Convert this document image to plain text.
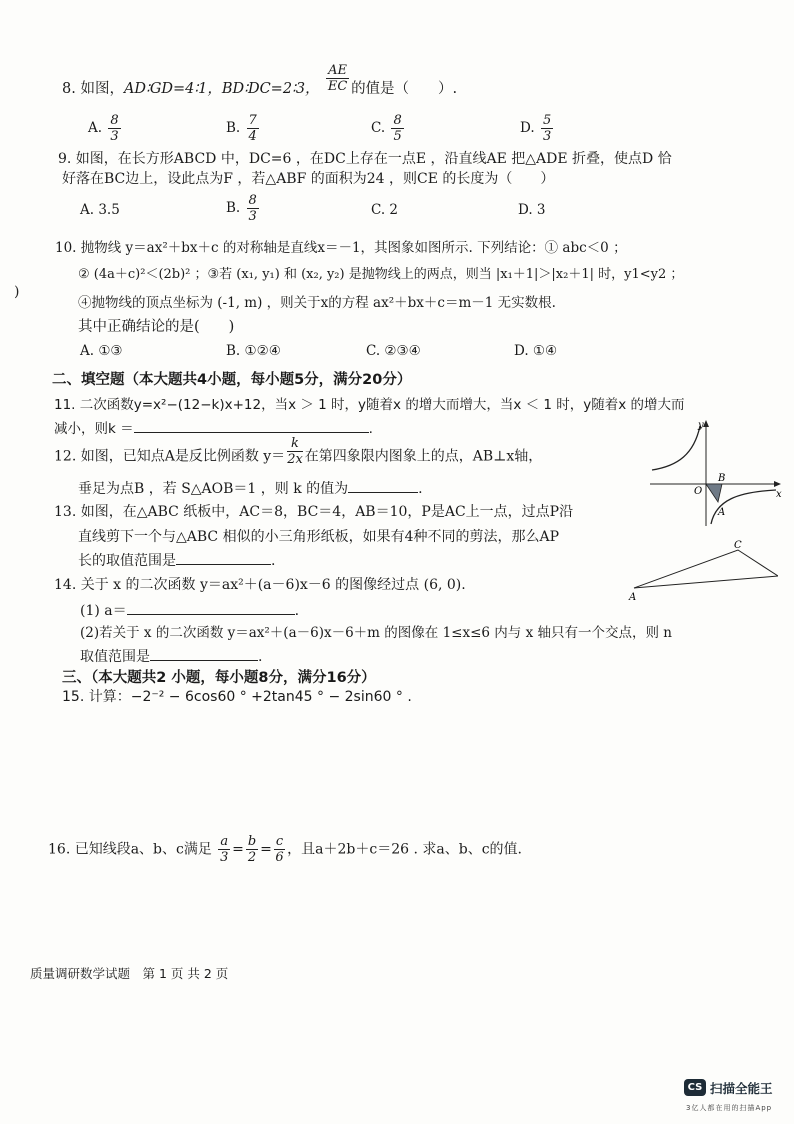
8. 如图，AD∶GD=4∶1，BD∶DC=2∶3， $\frac{AE}{EC}$ 的值是（　　）.
A. $\frac{8}{3}$	B. $\frac{7}{4}$	C. $\frac{8}{5}$	D. $\frac{5}{3}$
9. 如图，在长方形ABCD 中，DC=6 ，在DC上存在一点E ，沿直线AE 把△ADE 折叠，使点D 恰
好落在BC边上，设此点为F ，若△ABF 的面积为24 ，则CE 的长度为（　　）
A. 3.5	B. $\frac{8}{3}$	C. 2	D. 3
10. 抛物线 y＝ax²＋bx＋c 的对称轴是直线x＝－1，其图象如图所示. 下列结论：① abc＜0 ；
② (4a＋c)²＜(2b)² ；③若 (x₁, y₁) 和 (x₂, y₂) 是抛物线上的两点，则当 |x₁＋1|＞|x₂＋1| 时，y1<y2 ；
)
④抛物线的顶点坐标为 (-1, m) ，则关于x的方程 ax²＋bx＋c＝m－1 无实数根.
其中正确结论的是(　　)
A. ①③	B. ①②④	C. ②③④	D. ①④
二、填空题（本大题共4小题，每小题5分，满分20分）
11. 二次函数y=x²−(12−k)x+12，当x ＞ 1 时，y随着x 的增大而增大，当x ＜ 1 时，y随着x 的增大而
减小，则k ＝	.
12. 如图，已知点A是反比例函数 $y= \frac{k}{2x}$ 在第四象限内图象上的点，AB⊥x轴，
垂足为点B ，若 S△AOB＝1 ，则 k 的值为	.
13. 如图，在△ABC 纸板中，AC＝8，BC＝4，AB＝10，P是AC上一点，过点P沿
直线剪下一个与△ABC 相似的小三角形纸板，如果有4种不同的剪法，那么AP
长的取值范围是	.
14. 关于 x 的二次函数 y＝ax²＋(a－6)x－6 的图像经过点 (6, 0).
(1) a＝	.
(2)若关于 x 的二次函数 y＝ax²＋(a－6)x－6＋m 的图像在 1≤x≤6 内与 x 轴只有一个交点，则 n
取值范围是	.
三、（本大题共2 小题，每小题8分，满分16分）
15. 计算：−2⁻² − 6cos60 ° +2tan45 ° − 2sin60 ° .
16. 已知线段a、b、c满足 $\frac{a}{3} = \frac{b}{2} = \frac{c}{6}$ ，且a＋2b＋c＝26 . 求a、b、c的值.
y
x
O
B
A
C
A
质量调研数学试题　第 1 页 共 2 页
CS 扫描全能王
3亿人都在用的扫描App
